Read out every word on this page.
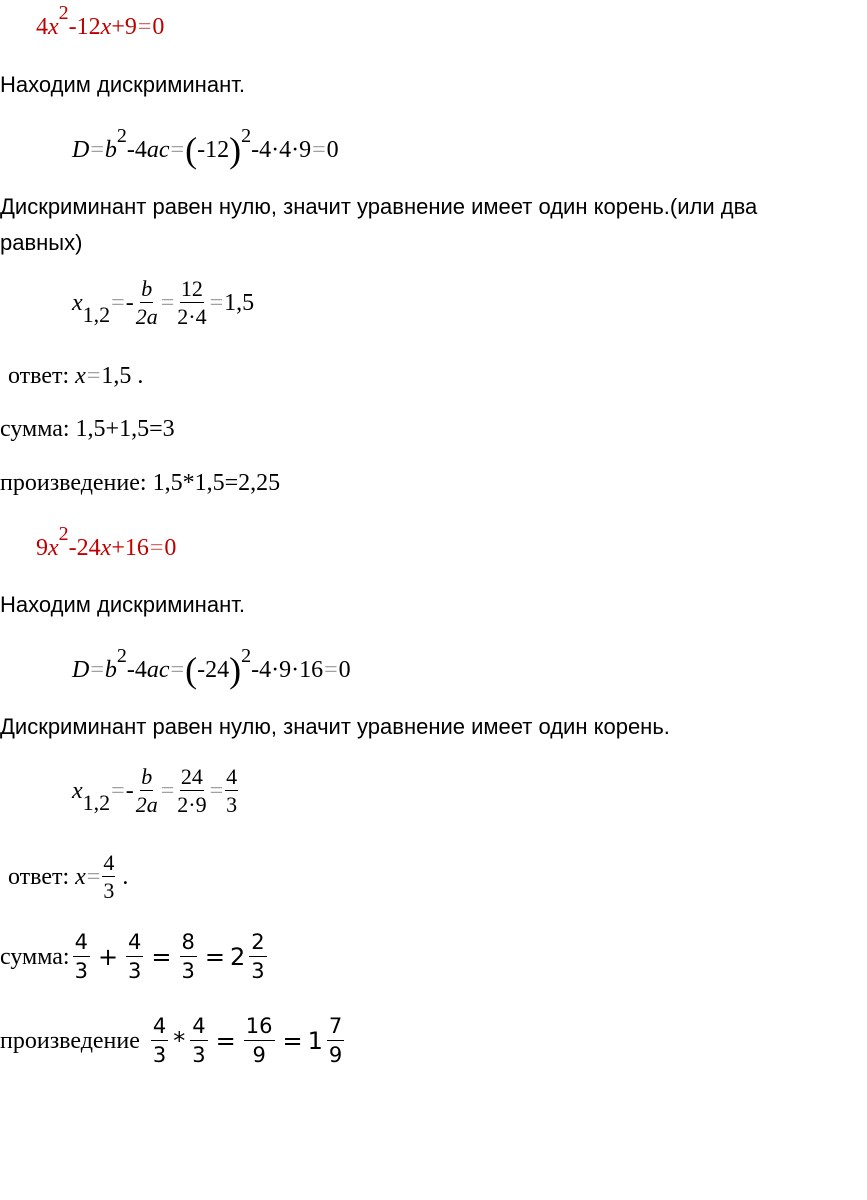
4 x
2
-12 x +9 = 0

Находим дискриминант.

D = b
2
-4 ac = ( -12 ) 2
-4·4·9 = 0

Дискриминант равен нулю, значит уравнение имеет один корень.(или два

равных)

x 1,2 = - $\frac{b}{2a} = \frac{12}{2\cdot 4} = 1,5$
ответ: x=1,5 .

сумма: 1,5+1,5=3

произведение: 1,5*1,5=2,25

9 x
2
-24 x +16 = 0

Находим дискриминант.

D = b
2
-4 ac = ( -24 ) 2
-4·9·16 = 0

Дискриминант равен нулю, значит уравнение имеет один корень.

x 1,2 = - $\frac{b}{2a} = \frac{24}{2\cdot 9} = \frac{4}{3}$
ответ:
$x = \frac{4}{3}$
.
сумма: $\frac{4}{3} + \frac{4}{3} = \frac{8}{3} = 2 \frac{2}{3}$
произведение $\frac{4}{3} * \frac{4}{3} = \frac{16}{9} = 1 \frac{7}{9}$
